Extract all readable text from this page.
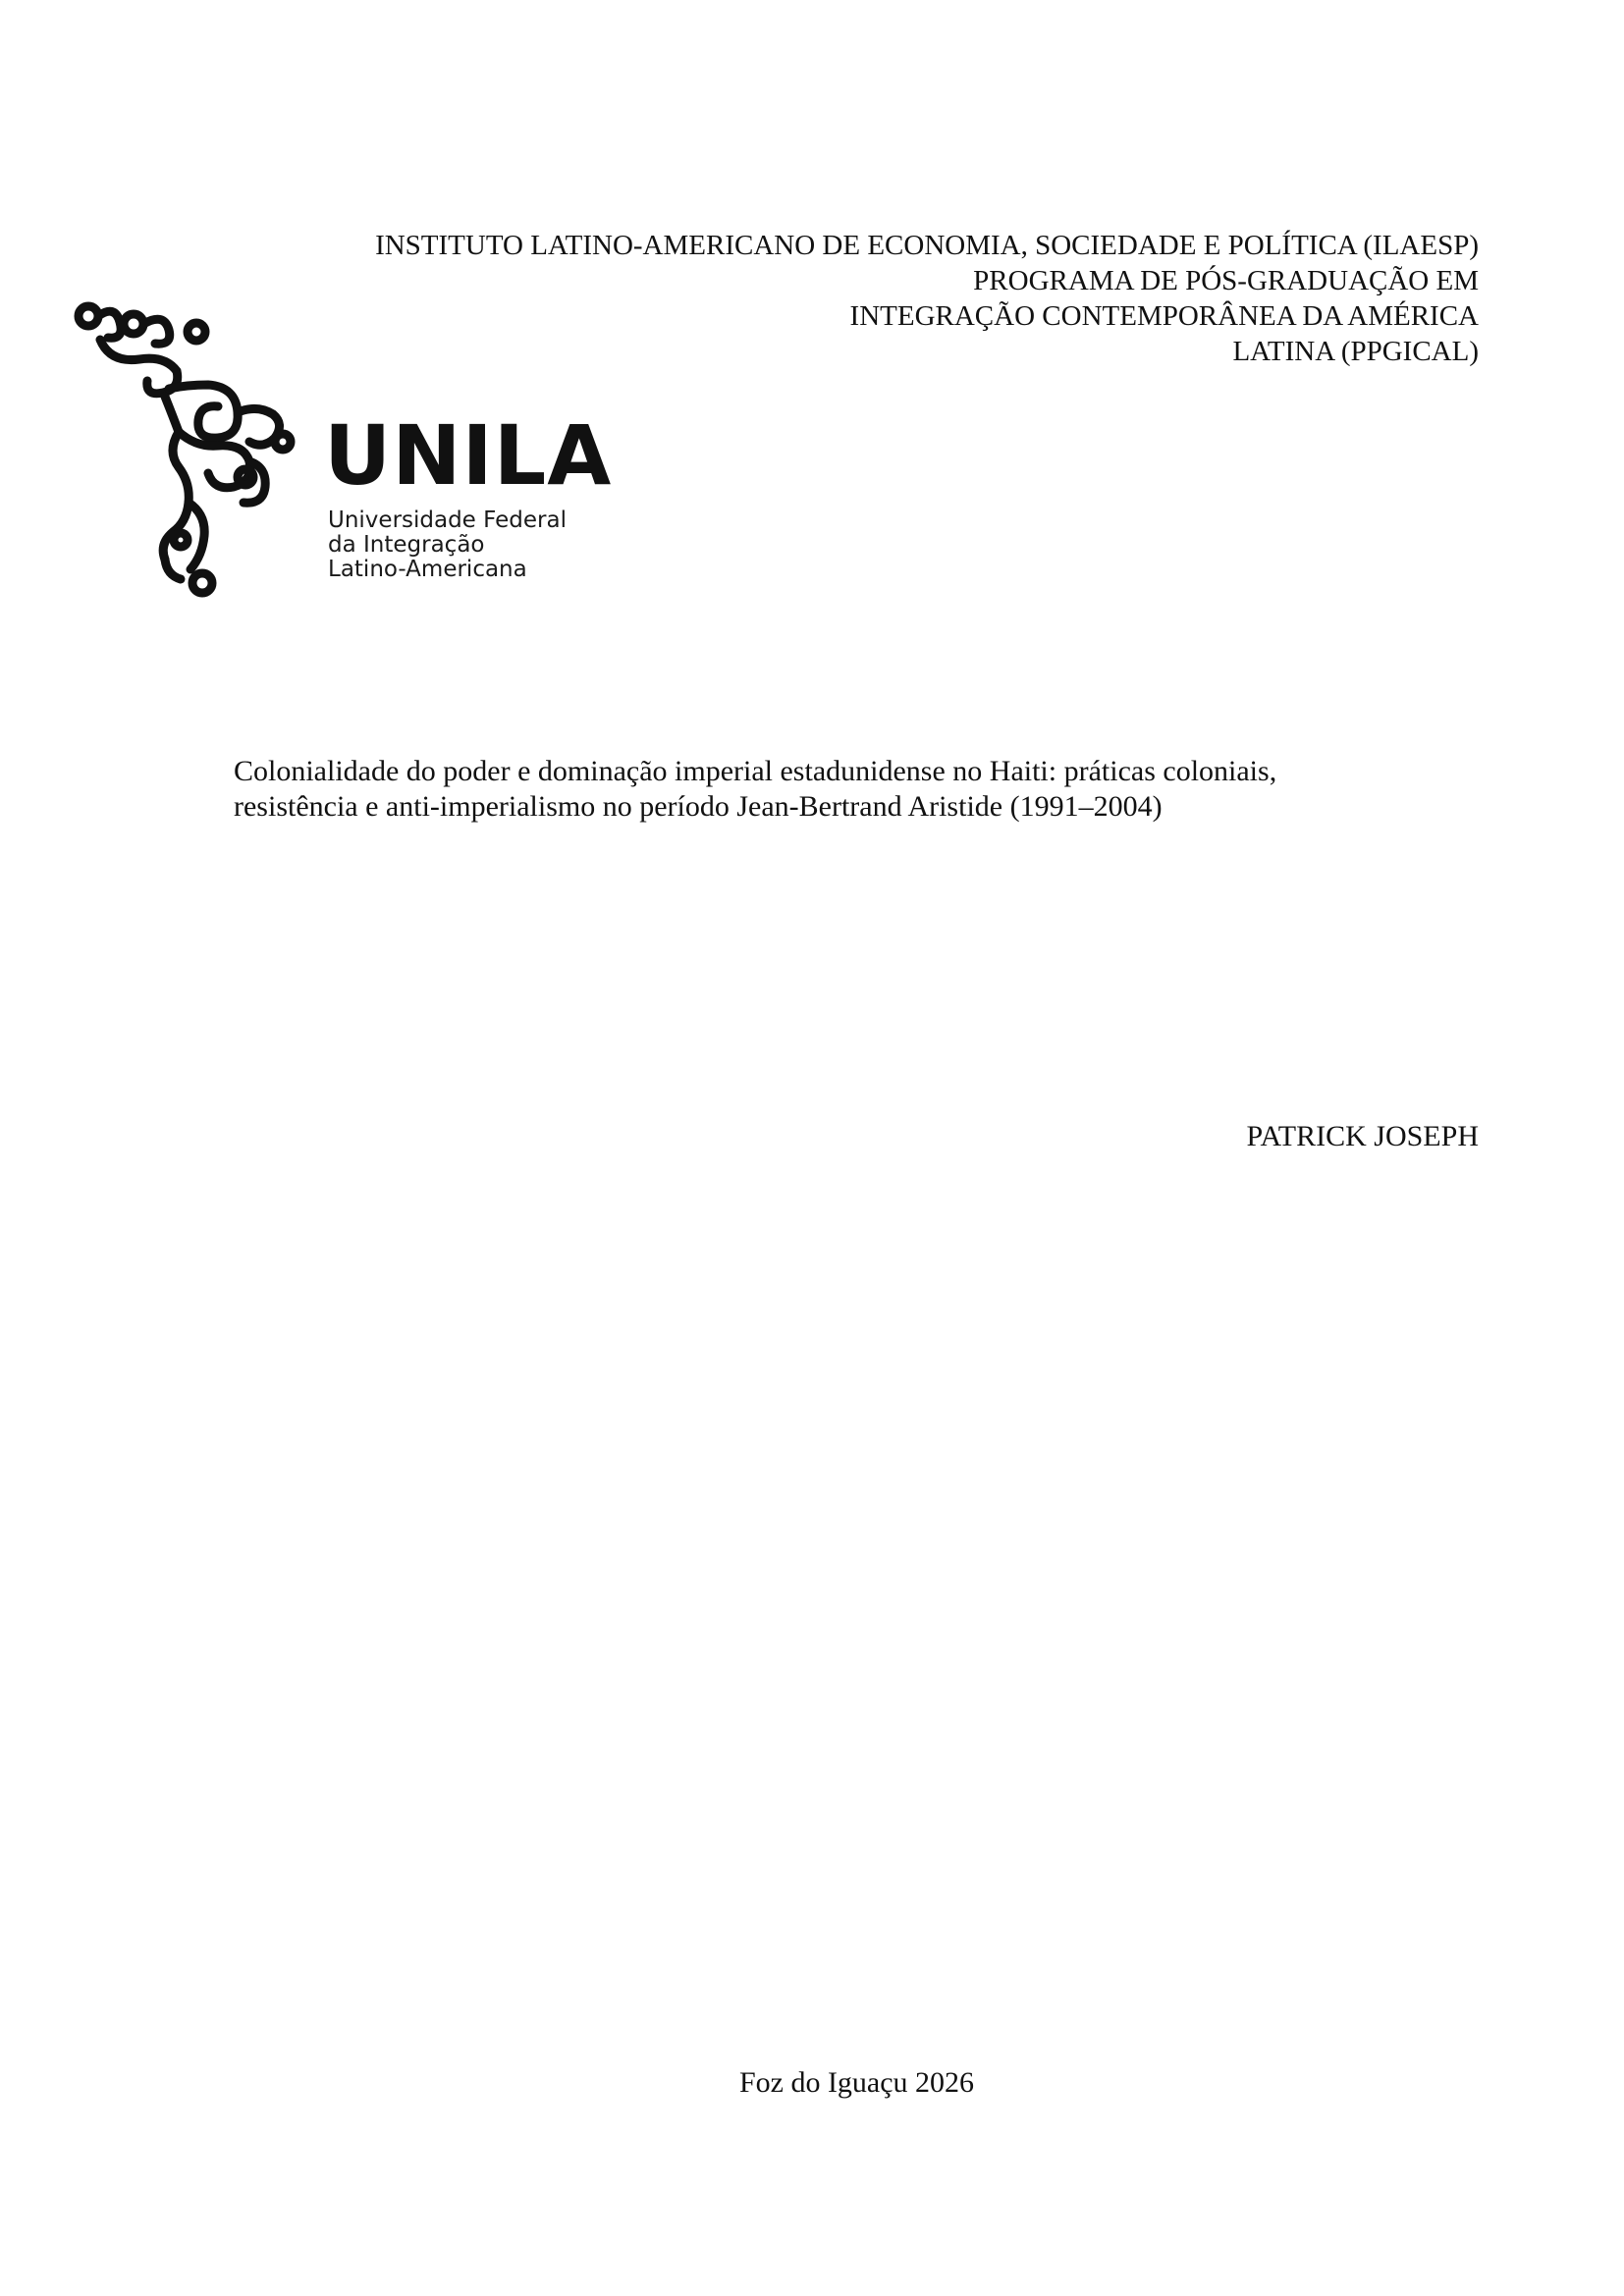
INSTITUTO LATINO-AMERICANO DE ECONOMIA, SOCIEDADE E POLÍTICA (ILAESP)
PROGRAMA DE PÓS-GRADUAÇÃO EM
INTEGRAÇÃO CONTEMPORÂNEA DA AMÉRICA
LATINA (PPGICAL)
UNILA
Universidade Federal
da Integração
Latino-Americana
Colonialidade do poder e dominação imperial estadunidense no Haiti: práticas coloniais,
resistência e anti-imperialismo no período Jean-Bertrand Aristide (1991–2004)
PATRICK JOSEPH
Foz do Iguaçu 2026
